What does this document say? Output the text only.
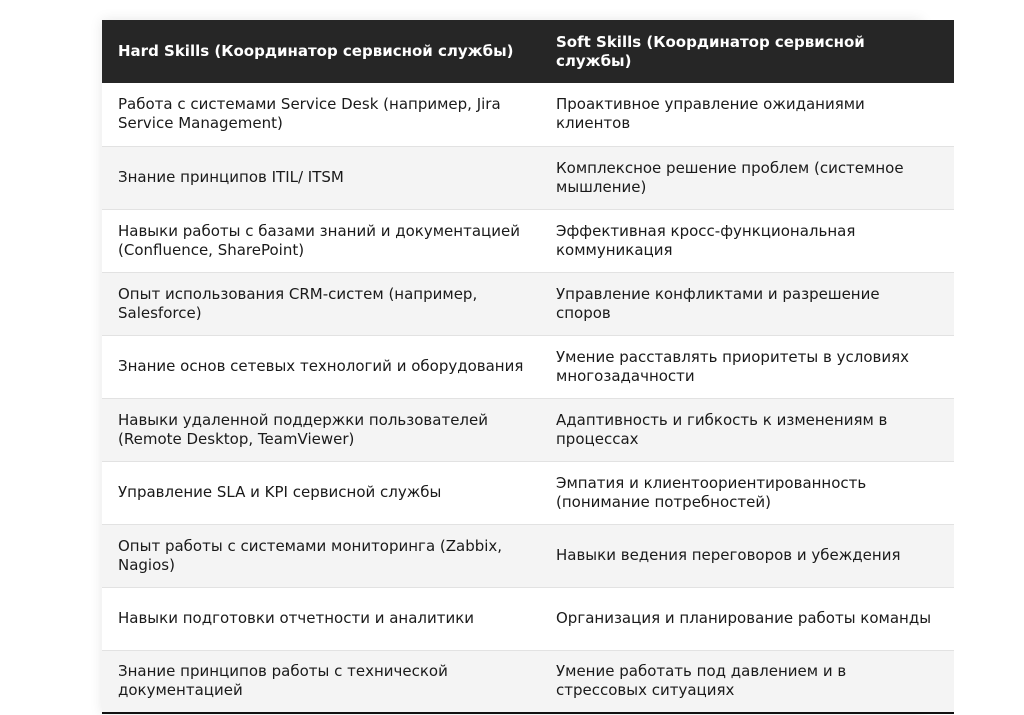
Hard Skills (Координатор сервисной службы)	Soft Skills (Координатор сервисной службы)
Работа с системами Service Desk (например, Jira Service Management)	Проактивное управление ожиданиями клиентов
Знание принципов ITIL/ ITSM	Комплексное решение проблем (системное мышление)
Навыки работы с базами знаний и документацией (Confluence, SharePoint)	Эффективная кросс-функциональная коммуникация
Опыт использования CRM-систем (например, Salesforce)	Управление конфликтами и разрешение споров
Знание основ сетевых технологий и оборудования	Умение расставлять приоритеты в условиях многозадачности
Навыки удаленной поддержки пользователей (Remote Desktop, TeamViewer)	Адаптивность и гибкость к изменениям в процессах
Управление SLA и KPI сервисной службы	Эмпатия и клиентоориентированность (понимание потребностей)
Опыт работы с системами мониторинга (Zabbix, Nagios)	Навыки ведения переговоров и убеждения
Навыки подготовки отчетности и аналитики	Организация и планирование работы команды
Знание принципов работы с технической документацией	Умение работать под давлением и в стрессовых ситуациях
